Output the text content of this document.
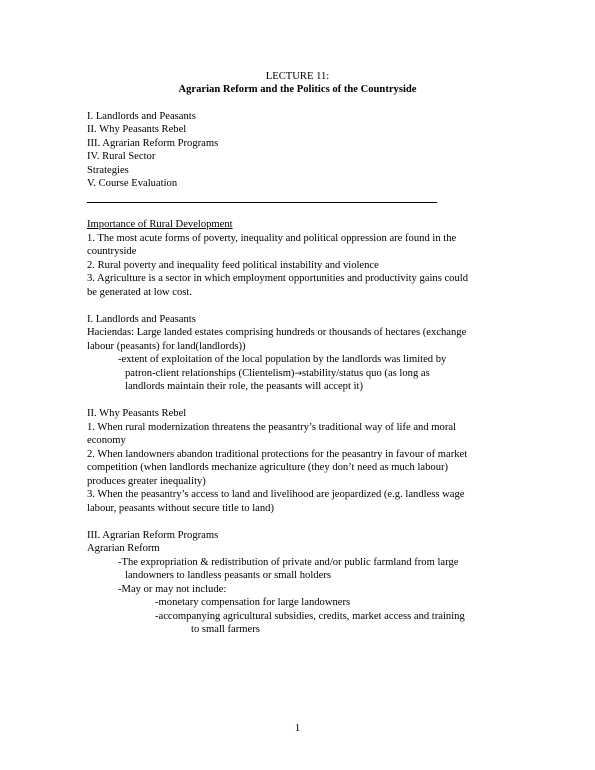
LECTURE 11:
Agrarian Reform and the Politics of the Countryside
I. Landlords and Peasants
II. Why Peasants Rebel
III. Agrarian Reform Programs
IV. Rural Sector
Strategies
V. Course Evaluation
Importance of Rural Development
1. The most acute forms of poverty, inequality and political oppression are found in the
countryside
2. Rural poverty and inequality feed political instability and violence
3. Agriculture is a sector in which employment opportunities and productivity gains could
be generated at low cost.
I. Landlords and Peasants
Haciendas: Large landed estates comprising hundreds or thousands of hectares (exchange
labour (peasants) for land(landlords))
-extent of exploitation of the local population by the landlords was limited by
patron-client relationships (Clientelism)→stability/status quo (as long as
landlords maintain their role, the peasants will accept it)
II. Why Peasants Rebel
1. When rural modernization threatens the peasantry’s traditional way of life and moral
economy
2. When landowners abandon traditional protections for the peasantry in favour of market
competition (when landlords mechanize agriculture (they don’t need as much labour)
produces greater inequality)
3. When the peasantry’s access to land and livelihood are jeopardized (e.g. landless wage
labour, peasants without secure title to land)
III. Agrarian Reform Programs
Agrarian Reform
-The expropriation & redistribution of private and/or public farmland from large
landowners to landless peasants or small holders
-May or may not include:
-monetary compensation for large landowners
-accompanying agricultural subsidies, credits, market access and training
to small farmers
1
